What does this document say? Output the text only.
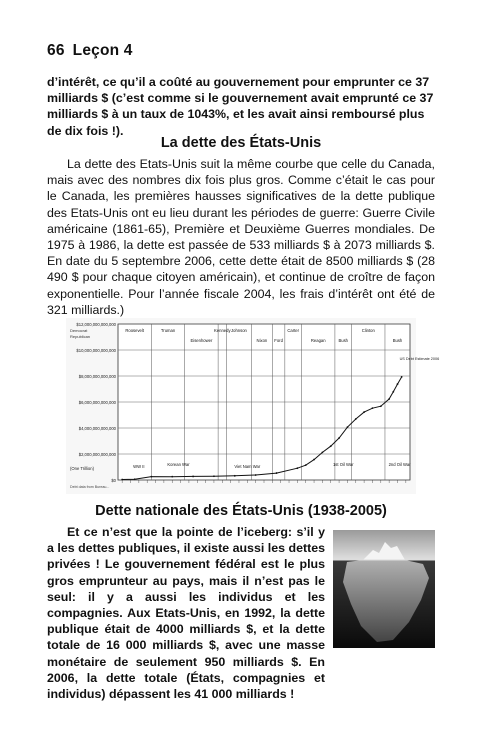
66 Leçon 4

d’intérêt, ce qu’il a coûté au gouvernement pour emprunter ce 37 milliards $ (c’est comme si le gouvernement avait emprunté ce 37 milliards $ à un taux de 1043%, et les avait ainsi remboursé plus de dix fois !).

La dette des États-Unis

La dette des Etats-Unis suit la même courbe que celle du Canada, mais avec des nombres dix fois plus gros. Comme c’était le cas pour le Canada, les premières hausses significatives de la dette publique des Etats-Unis ont eu lieu durant les périodes de guerre: Guerre Civile américaine (1861-65), Première et Deuxième Guerres mondiales. De 1975 à 1986, la dette est passée de 533 milliards $ à 2073 milliards $. En date du 5 septembre 2006, cette dette était de 8500 milliards $ (28 490 $ pour chaque citoyen américain), et continue de croître de façon exponentielle. Pour l’année fiscale 2004, les frais d’intérêt ont été de 321 milliards.)

$0
$2,000,000,000,000
$4,000,000,000,000
$6,000,000,000,000
$8,000,000,000,000
$10,000,000,000,000
$12,000,000,000,000
Roosevelt	Truman
Eisenhower
Kennedy Johnson
Nixon Ford
Carter
Reagan	Bush
Clinton
Bush
Democrat
Republican
WW II	Korean War	Viet Nam War	1st Oil War	2nd Oil War
US Debt Estimate 2006
(One Trillion)
Debt data from Bureau...
Dette nationale des États-Unis (1938-2005)

Et ce n’est que la pointe de l’iceberg: s’il y a les dettes publiques, il existe aussi les dettes privées ! Le gouvernement fédéral est le plus gros emprunteur au pays, mais il n’est pas le seul: il y a aussi les individus et les compagnies. Aux Etats-Unis, en 1992, la dette publique était de 4000 milliards $, et la dette totale de 16 000 milliards $, avec une masse monétaire de seulement 950 milliards $. En 2006, la dette totale (États, compagnies et individus) dépassent les 41 000 milliards !
